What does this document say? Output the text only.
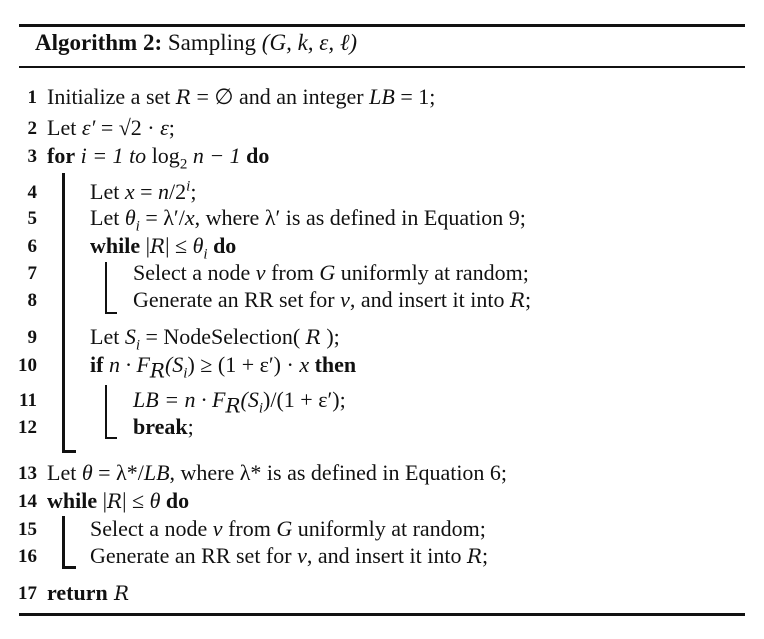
Algorithm 2: Sampling (G, k, ε, ℓ)
1
2
3
4
5
6
7
8
9
10
11
12
13
14
15
16
17
Initialize a set R = ∅ and an integer LB = 1;
Let ε′ = √2 · ε;
for i = 1 to $\log_2 n - 1$ do
Let $x = n/2^i$;
Let $\theta_i = \lambda'/x$, where λ′ is as defined in Equation 9;
while $|R| \le \theta_i$ do
Select a node v from G uniformly at random;
Generate an RR set for v, and insert it into R;
Let $S_i$ = NodeSelection( R );
if $n \cdot F_R(S_i) \ge (1 + \varepsilon') \cdot x$ then
LB = $n \cdot F_R(S_i)/(1 + \varepsilon')$;
break;
Let θ = λ*/LB, where λ* is as defined in Equation 6;
while |R| ≤ θ do
Select a node v from G uniformly at random;
Generate an RR set for v, and insert it into R;
return R
